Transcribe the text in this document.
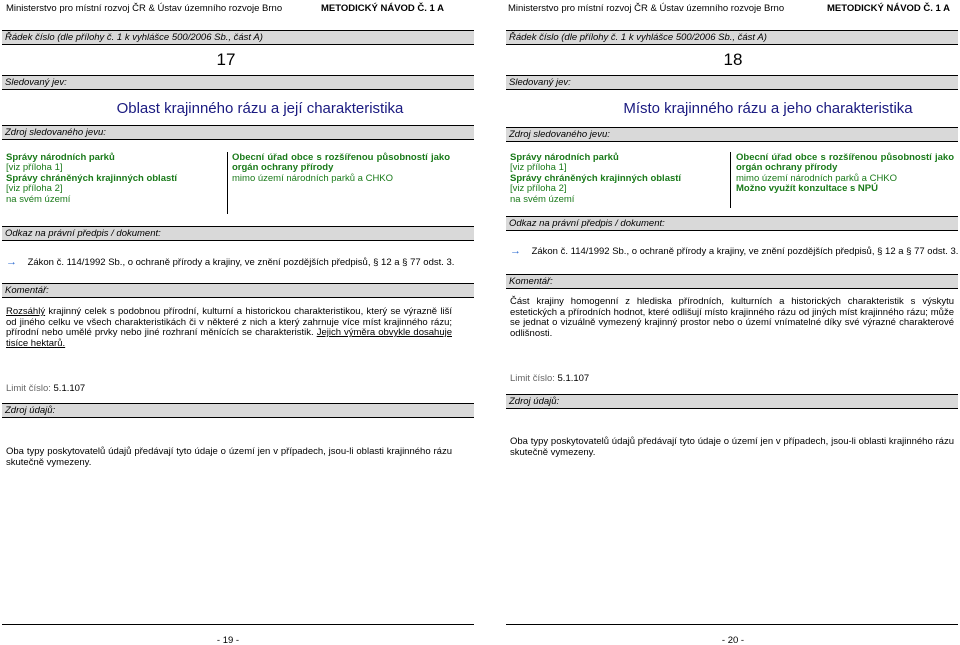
Ministerstvo pro místní rozvoj ČR & Ústav územního rozvoje Brno	METODICKÝ NÁVOD Č. 1 A
Řádek číslo (dle přílohy č. 1 k vyhlášce 500/2006 Sb., část A)
17
Sledovaný jev:
Oblast krajinného rázu a její charakteristika
Zdroj sledovaného jevu:
Správy národních parků
[viz příloha 1]
Správy chráněných krajinných oblastí
[viz příloha 2]
na svém území
Obecní úřad obce s rozšířenou působností jako orgán ochrany přírody
mimo území národních parků a CHKO
Odkaz na právní předpis / dokument:
→ Zákon č. 114/1992 Sb., o ochraně přírody a krajiny, ve znění pozdějších předpisů, § 12 a § 77 odst. 3.
Komentář:
Rozsáhlý krajinný celek s podobnou přírodní, kulturní a historickou charakteristikou, který se výrazně liší od jiného celku ve všech charakteristikách či v některé z nich a který zahrnuje více míst krajinného rázu; přírodní nebo umělé prvky nebo jiné rozhraní měnících se charakteristik. Jejich výměra obvykle dosahuje tisíce hektarů.
Limit číslo: 5.1.107
Zdroj údajů:
Oba typy poskytovatelů údajů předávají tyto údaje o území jen v případech, jsou-li oblasti krajinného rázu skutečně vymezeny.
- 19 -
Ministerstvo pro místní rozvoj ČR & Ústav územního rozvoje Brno	METODICKÝ NÁVOD Č. 1 A
Řádek číslo (dle přílohy č. 1 k vyhlášce 500/2006 Sb., část A)
18
Sledovaný jev:
Místo krajinného rázu a jeho charakteristika
Zdroj sledovaného jevu:
Správy národních parků
[viz příloha 1]
Správy chráněných krajinných oblastí
[viz příloha 2]
na svém území
Obecní úřad obce s rozšířenou působností jako orgán ochrany přírody
mimo území národních parků a CHKO
Možno využít konzultace s NPÚ
Odkaz na právní předpis / dokument:
→ Zákon č. 114/1992 Sb., o ochraně přírody a krajiny, ve znění pozdějších předpisů, § 12 a § 77 odst. 3.
Komentář:
Část krajiny homogenní z hlediska přírodních, kulturních a historických charakteristik s výskytu estetických a přírodních hodnot, které odlišují místo krajinného rázu od jiných míst krajinného rázu; může se jednat o vizuálně vymezený krajinný prostor nebo o území vnímatelné díky své výrazné charakterové odlišnosti.
Limit číslo: 5.1.107
Zdroj údajů:
Oba typy poskytovatelů údajů předávají tyto údaje o území jen v případech, jsou-li oblasti krajinného rázu skutečně vymezeny.
- 20 -
